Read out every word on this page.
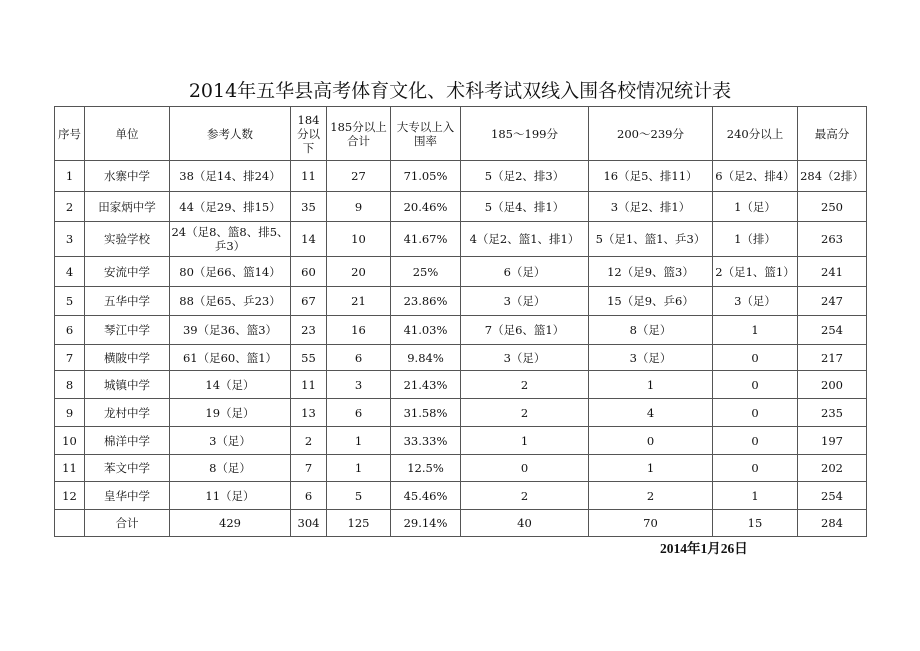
2014年五华县高考体育文化、术科考试双线入围各校情况统计表
序号	单位	参考人数	184分以下	185分以上合计	大专以上入围率	185～199分	200～239分	240分以上	最高分
1	水寨中学	38（足14、排24）	11	27	71.05%	5（足2、排3）	16（足5、排11）	6（足2、排4）	284（2排）
2	田家炳中学	44（足29、排15）	35	9	20.46%	5（足4、排1）	3（足2、排1）	1（足）	250
3	实验学校	24（足8、篮8、排5、乒3）	14	10	41.67%	4（足2、篮1、排1）	5（足1、篮1、乒3）	1（排）	263
4	安流中学	80（足66、篮14）	60	20	25%	6（足）	12（足9、篮3）	2（足1、篮1）	241
5	五华中学	88（足65、乒23）	67	21	23.86%	3（足）	15（足9、乒6）	3（足）	247
6	琴江中学	39（足36、篮3）	23	16	41.03%	7（足6、篮1）	8（足）	1	254
7	横陂中学	61（足60、篮1）	55	6	9.84%	3（足）	3（足）	0	217
8	城镇中学	14（足）	11	3	21.43%	2	1	0	200
9	龙村中学	19（足）	13	6	31.58%	2	4	0	235
10	棉洋中学	3（足）	2	1	33.33%	1	0	0	197
11	苯文中学	8（足）	7	1	12.5%	0	1	0	202
12	皇华中学	11（足）	6	5	45.46%	2	2	1	254
	合计	429	304	125	29.14%	40	70	15	284
2014年1月26日
